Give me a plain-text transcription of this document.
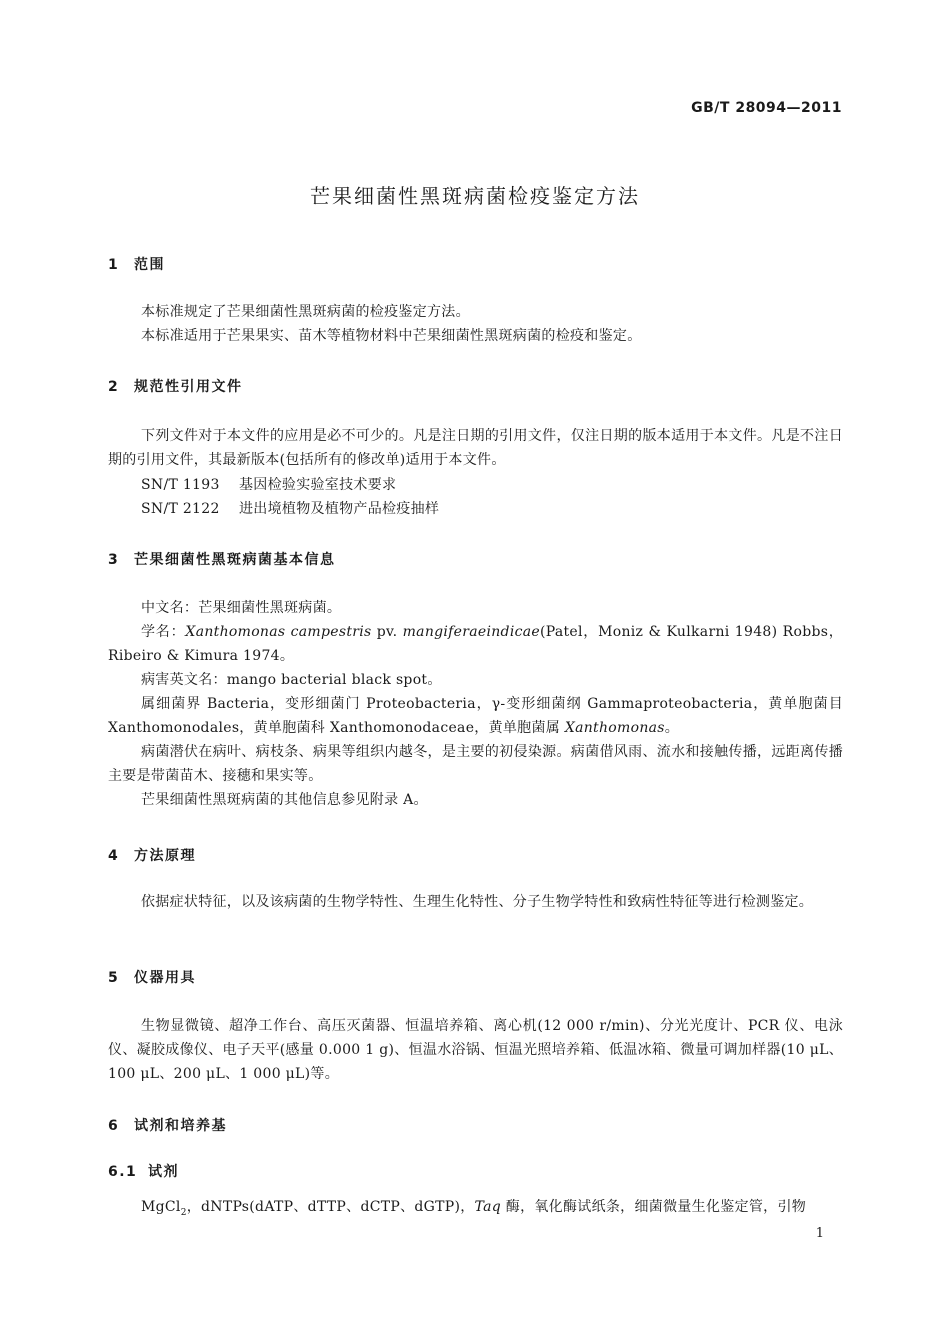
GB/T 28094—2011
芒果细菌性黑斑病菌检疫鉴定方法
1 范围
本标准规定了芒果细菌性黑斑病菌的检疫鉴定方法。
本标准适用于芒果果实、苗木等植物材料中芒果细菌性黑斑病菌的检疫和鉴定。
2 规范性引用文件
下列文件对于本文件的应用是必不可少的。凡是注日期的引用文件，仅注日期的版本适用于本文件。凡是不注日期的引用文件，其最新版本(包括所有的修改单)适用于本文件。
SN/T 1193 基因检验实验室技术要求
SN/T 2122 进出境植物及植物产品检疫抽样
3 芒果细菌性黑斑病菌基本信息
中文名：芒果细菌性黑斑病菌。
学名：Xanthomonas campestris pv. mangiferaeindicae(Patel，Moniz & Kulkarni 1948) Robbs，Ribeiro & Kimura 1974。
病害英文名：mango bacterial black spot。
属细菌界 Bacteria，变形细菌门 Proteobacteria，γ-变形细菌纲 Gammaproteobacteria，黄单胞菌目 Xanthomonodales，黄单胞菌科 Xanthomonodaceae，黄单胞菌属 Xanthomonas。
病菌潜伏在病叶、病枝条、病果等组织内越冬，是主要的初侵染源。病菌借风雨、流水和接触传播，远距离传播主要是带菌苗木、接穗和果实等。
芒果细菌性黑斑病菌的其他信息参见附录 A。
4 方法原理
依据症状特征，以及该病菌的生物学特性、生理生化特性、分子生物学特性和致病性特征等进行检测鉴定。
5 仪器用具
生物显微镜、超净工作台、高压灭菌器、恒温培养箱、离心机(12 000 r/min)、分光光度计、PCR 仪、电泳仪、凝胶成像仪、电子天平(感量 0.000 1 g)、恒温水浴锅、恒温光照培养箱、低温冰箱、微量可调加样器(10 μL、100 μL、200 μL、1 000 μL)等。
6 试剂和培养基
6.1 试剂
MgCl$_2$，dNTPs(dATP、dTTP、dCTP、dGTP)，Taq 酶，氧化酶试纸条，细菌微量生化鉴定管，引物
1
